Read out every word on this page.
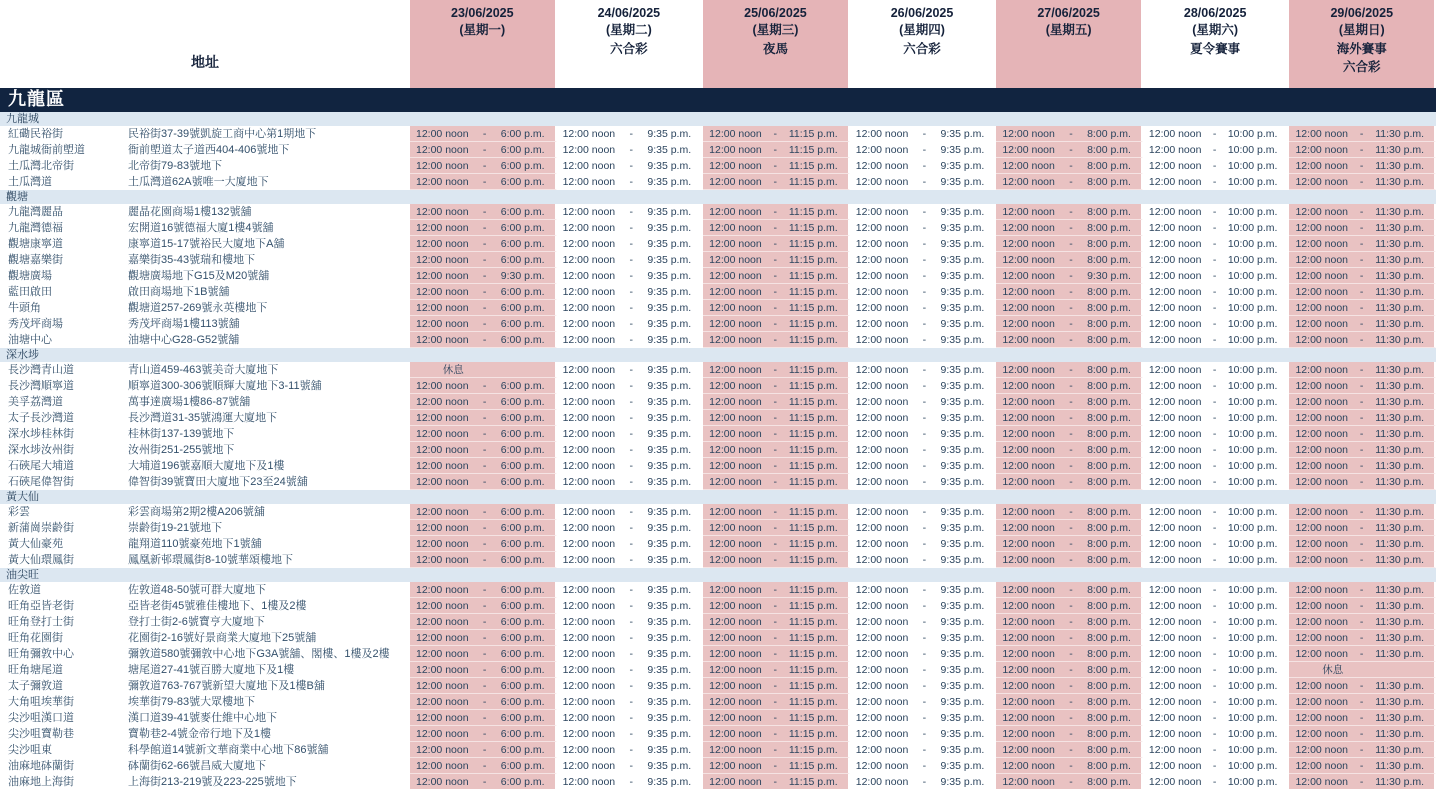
地址
23/06/2025
(星期一)
24/06/2025
(星期二)
六合彩
25/06/2025
(星期三)
夜馬
26/06/2025
(星期四)
六合彩
27/06/2025
(星期五)
28/06/2025
(星期六)
夏令賽事
29/06/2025
(星期日)
海外賽事
六合彩
九龍區
九龍城
紅磡民裕街	民裕街37-39號凱旋工商中心第1期地下	12:00 noon - 6:00 p.m. 12:00 noon - 9:35 p.m. 12:00 noon - 11:15 p.m. 12:00 noon - 9:35 p.m. 12:00 noon - 8:00 p.m. 12:00 noon - 10:00 p.m. 12:00 noon - 11:30 p.m.
九龍城衙前塱道	衙前塱道太子道西404-406號地下	12:00 noon - 6:00 p.m. 12:00 noon - 9:35 p.m. 12:00 noon - 11:15 p.m. 12:00 noon - 9:35 p.m. 12:00 noon - 8:00 p.m. 12:00 noon - 10:00 p.m. 12:00 noon - 11:30 p.m.
土瓜灣北帝街	北帝街79-83號地下	12:00 noon - 6:00 p.m. 12:00 noon - 9:35 p.m. 12:00 noon - 11:15 p.m. 12:00 noon - 9:35 p.m. 12:00 noon - 8:00 p.m. 12:00 noon - 10:00 p.m. 12:00 noon - 11:30 p.m.
土瓜灣道	土瓜灣道62A號唯一大廈地下	12:00 noon - 6:00 p.m. 12:00 noon - 9:35 p.m. 12:00 noon - 11:15 p.m. 12:00 noon - 9:35 p.m. 12:00 noon - 8:00 p.m. 12:00 noon - 10:00 p.m. 12:00 noon - 11:30 p.m.
觀塘
九龍灣麗晶	麗晶花園商場1樓132號舖	12:00 noon - 6:00 p.m. 12:00 noon - 9:35 p.m. 12:00 noon - 11:15 p.m. 12:00 noon - 9:35 p.m. 12:00 noon - 8:00 p.m. 12:00 noon - 10:00 p.m. 12:00 noon - 11:30 p.m.
九龍灣德福	宏開道16號德福大廈1樓4號舖	12:00 noon - 6:00 p.m. 12:00 noon - 9:35 p.m. 12:00 noon - 11:15 p.m. 12:00 noon - 9:35 p.m. 12:00 noon - 8:00 p.m. 12:00 noon - 10:00 p.m. 12:00 noon - 11:30 p.m.
觀塘康寧道	康寧道15-17號裕民大廈地下A舖	12:00 noon - 6:00 p.m. 12:00 noon - 9:35 p.m. 12:00 noon - 11:15 p.m. 12:00 noon - 9:35 p.m. 12:00 noon - 8:00 p.m. 12:00 noon - 10:00 p.m. 12:00 noon - 11:30 p.m.
觀塘嘉樂街	嘉樂街35-43號瑞和樓地下	12:00 noon - 6:00 p.m. 12:00 noon - 9:35 p.m. 12:00 noon - 11:15 p.m. 12:00 noon - 9:35 p.m. 12:00 noon - 8:00 p.m. 12:00 noon - 10:00 p.m. 12:00 noon - 11:30 p.m.
觀塘廣場	觀塘廣場地下G15及M20號舖	12:00 noon - 9:30 p.m. 12:00 noon - 9:35 p.m. 12:00 noon - 11:15 p.m. 12:00 noon - 9:35 p.m. 12:00 noon - 9:30 p.m. 12:00 noon - 10:00 p.m. 12:00 noon - 11:30 p.m.
藍田啟田	啟田商場地下1B號舖	12:00 noon - 6:00 p.m. 12:00 noon - 9:35 p.m. 12:00 noon - 11:15 p.m. 12:00 noon - 9:35 p.m. 12:00 noon - 8:00 p.m. 12:00 noon - 10:00 p.m. 12:00 noon - 11:30 p.m.
牛頭角	觀塘道257-269號永英樓地下	12:00 noon - 6:00 p.m. 12:00 noon - 9:35 p.m. 12:00 noon - 11:15 p.m. 12:00 noon - 9:35 p.m. 12:00 noon - 8:00 p.m. 12:00 noon - 10:00 p.m. 12:00 noon - 11:30 p.m.
秀茂坪商場	秀茂坪商場1樓113號舖	12:00 noon - 6:00 p.m. 12:00 noon - 9:35 p.m. 12:00 noon - 11:15 p.m. 12:00 noon - 9:35 p.m. 12:00 noon - 8:00 p.m. 12:00 noon - 10:00 p.m. 12:00 noon - 11:30 p.m.
油塘中心	油塘中心G28-G52號舖	12:00 noon - 6:00 p.m. 12:00 noon - 9:35 p.m. 12:00 noon - 11:15 p.m. 12:00 noon - 9:35 p.m. 12:00 noon - 8:00 p.m. 12:00 noon - 10:00 p.m. 12:00 noon - 11:30 p.m.
深水埗
長沙灣青山道	青山道459-463號美奇大廈地下	休息	12:00 noon - 9:35 p.m. 12:00 noon - 11:15 p.m. 12:00 noon - 9:35 p.m. 12:00 noon - 8:00 p.m. 12:00 noon - 10:00 p.m. 12:00 noon - 11:30 p.m.
長沙灣順寧道	順寧道300-306號順輝大廈地下3-11號舖	12:00 noon - 6:00 p.m. 12:00 noon - 9:35 p.m. 12:00 noon - 11:15 p.m. 12:00 noon - 9:35 p.m. 12:00 noon - 8:00 p.m. 12:00 noon - 10:00 p.m. 12:00 noon - 11:30 p.m.
美孚荔灣道	萬事達廣場1樓86-87號舖	12:00 noon - 6:00 p.m. 12:00 noon - 9:35 p.m. 12:00 noon - 11:15 p.m. 12:00 noon - 9:35 p.m. 12:00 noon - 8:00 p.m. 12:00 noon - 10:00 p.m. 12:00 noon - 11:30 p.m.
太子長沙灣道	長沙灣道31-35號鴻運大廈地下	12:00 noon - 6:00 p.m. 12:00 noon - 9:35 p.m. 12:00 noon - 11:15 p.m. 12:00 noon - 9:35 p.m. 12:00 noon - 8:00 p.m. 12:00 noon - 10:00 p.m. 12:00 noon - 11:30 p.m.
深水埗桂林街	桂林街137-139號地下	12:00 noon - 6:00 p.m. 12:00 noon - 9:35 p.m. 12:00 noon - 11:15 p.m. 12:00 noon - 9:35 p.m. 12:00 noon - 8:00 p.m. 12:00 noon - 10:00 p.m. 12:00 noon - 11:30 p.m.
深水埗汝州街	汝州街251-255號地下	12:00 noon - 6:00 p.m. 12:00 noon - 9:35 p.m. 12:00 noon - 11:15 p.m. 12:00 noon - 9:35 p.m. 12:00 noon - 8:00 p.m. 12:00 noon - 10:00 p.m. 12:00 noon - 11:30 p.m.
石硤尾大埔道	大埔道196號嘉順大廈地下及1樓	12:00 noon - 6:00 p.m. 12:00 noon - 9:35 p.m. 12:00 noon - 11:15 p.m. 12:00 noon - 9:35 p.m. 12:00 noon - 8:00 p.m. 12:00 noon - 10:00 p.m. 12:00 noon - 11:30 p.m.
石硤尾偉智街	偉智街39號寶田大廈地下23至24號舖	12:00 noon - 6:00 p.m. 12:00 noon - 9:35 p.m. 12:00 noon - 11:15 p.m. 12:00 noon - 9:35 p.m. 12:00 noon - 8:00 p.m. 12:00 noon - 10:00 p.m. 12:00 noon - 11:30 p.m.
黃大仙
彩雲	彩雲商場第2期2樓A206號舖	12:00 noon - 6:00 p.m. 12:00 noon - 9:35 p.m. 12:00 noon - 11:15 p.m. 12:00 noon - 9:35 p.m. 12:00 noon - 8:00 p.m. 12:00 noon - 10:00 p.m. 12:00 noon - 11:30 p.m.
新蒲崗崇齡街	崇齡街19-21號地下	12:00 noon - 6:00 p.m. 12:00 noon - 9:35 p.m. 12:00 noon - 11:15 p.m. 12:00 noon - 9:35 p.m. 12:00 noon - 8:00 p.m. 12:00 noon - 10:00 p.m. 12:00 noon - 11:30 p.m.
黃大仙豪苑	龍翔道110號豪苑地下1號舖	12:00 noon - 6:00 p.m. 12:00 noon - 9:35 p.m. 12:00 noon - 11:15 p.m. 12:00 noon - 9:35 p.m. 12:00 noon - 8:00 p.m. 12:00 noon - 10:00 p.m. 12:00 noon - 11:30 p.m.
黃大仙環鳳街	鳳凰新邨環鳳街8-10號華頌樓地下	12:00 noon - 6:00 p.m. 12:00 noon - 9:35 p.m. 12:00 noon - 11:15 p.m. 12:00 noon - 9:35 p.m. 12:00 noon - 8:00 p.m. 12:00 noon - 10:00 p.m. 12:00 noon - 11:30 p.m.
油尖旺
佐敦道	佐敦道48-50號可群大廈地下	12:00 noon - 6:00 p.m. 12:00 noon - 9:35 p.m. 12:00 noon - 11:15 p.m. 12:00 noon - 9:35 p.m. 12:00 noon - 8:00 p.m. 12:00 noon - 10:00 p.m. 12:00 noon - 11:30 p.m.
旺角亞皆老街	亞皆老街45號雅佳樓地下、1樓及2樓	12:00 noon - 6:00 p.m. 12:00 noon - 9:35 p.m. 12:00 noon - 11:15 p.m. 12:00 noon - 9:35 p.m. 12:00 noon - 8:00 p.m. 12:00 noon - 10:00 p.m. 12:00 noon - 11:30 p.m.
旺角登打士街	登打士街2-6號寶亨大廈地下	12:00 noon - 6:00 p.m. 12:00 noon - 9:35 p.m. 12:00 noon - 11:15 p.m. 12:00 noon - 9:35 p.m. 12:00 noon - 8:00 p.m. 12:00 noon - 10:00 p.m. 12:00 noon - 11:30 p.m.
旺角花園街	花園街2-16號好景商業大廈地下25號舖	12:00 noon - 6:00 p.m. 12:00 noon - 9:35 p.m. 12:00 noon - 11:15 p.m. 12:00 noon - 9:35 p.m. 12:00 noon - 8:00 p.m. 12:00 noon - 10:00 p.m. 12:00 noon - 11:30 p.m.
旺角彌敦中心	彌敦道580號彌敦中心地下G3A號舖、閣樓、1樓及2樓	12:00 noon - 6:00 p.m. 12:00 noon - 9:35 p.m. 12:00 noon - 11:15 p.m. 12:00 noon - 9:35 p.m. 12:00 noon - 8:00 p.m. 12:00 noon - 10:00 p.m. 12:00 noon - 11:30 p.m.
旺角塘尾道	塘尾道27-41號百勝大廈地下及1樓	12:00 noon - 6:00 p.m. 12:00 noon - 9:35 p.m. 12:00 noon - 11:15 p.m. 12:00 noon - 9:35 p.m. 12:00 noon - 8:00 p.m. 12:00 noon - 10:00 p.m.	休息
太子彌敦道	彌敦道763-767號新望大廈地下及1樓B舖	12:00 noon - 6:00 p.m. 12:00 noon - 9:35 p.m. 12:00 noon - 11:15 p.m. 12:00 noon - 9:35 p.m. 12:00 noon - 8:00 p.m. 12:00 noon - 10:00 p.m. 12:00 noon - 11:30 p.m.
大角咀埃華街	埃華街79-83號大眾樓地下	12:00 noon - 6:00 p.m. 12:00 noon - 9:35 p.m. 12:00 noon - 11:15 p.m. 12:00 noon - 9:35 p.m. 12:00 noon - 8:00 p.m. 12:00 noon - 10:00 p.m. 12:00 noon - 11:30 p.m.
尖沙咀漢口道	漢口道39-41號麥仕維中心地下	12:00 noon - 6:00 p.m. 12:00 noon - 9:35 p.m. 12:00 noon - 11:15 p.m. 12:00 noon - 9:35 p.m. 12:00 noon - 8:00 p.m. 12:00 noon - 10:00 p.m. 12:00 noon - 11:30 p.m.
尖沙咀寶勒巷	寶勒巷2-4號金帝行地下及1樓	12:00 noon - 6:00 p.m. 12:00 noon - 9:35 p.m. 12:00 noon - 11:15 p.m. 12:00 noon - 9:35 p.m. 12:00 noon - 8:00 p.m. 12:00 noon - 10:00 p.m. 12:00 noon - 11:30 p.m.
尖沙咀東	科學館道14號新文華商業中心地下86號舖	12:00 noon - 6:00 p.m. 12:00 noon - 9:35 p.m. 12:00 noon - 11:15 p.m. 12:00 noon - 9:35 p.m. 12:00 noon - 8:00 p.m. 12:00 noon - 10:00 p.m. 12:00 noon - 11:30 p.m.
油麻地砵蘭街	砵蘭街62-66號昌威大廈地下	12:00 noon - 6:00 p.m. 12:00 noon - 9:35 p.m. 12:00 noon - 11:15 p.m. 12:00 noon - 9:35 p.m. 12:00 noon - 8:00 p.m. 12:00 noon - 10:00 p.m. 12:00 noon - 11:30 p.m.
油麻地上海街	上海街213-219號及223-225號地下	12:00 noon - 6:00 p.m. 12:00 noon - 9:35 p.m. 12:00 noon - 11:15 p.m. 12:00 noon - 9:35 p.m. 12:00 noon - 8:00 p.m. 12:00 noon - 10:00 p.m. 12:00 noon - 11:30 p.m.
